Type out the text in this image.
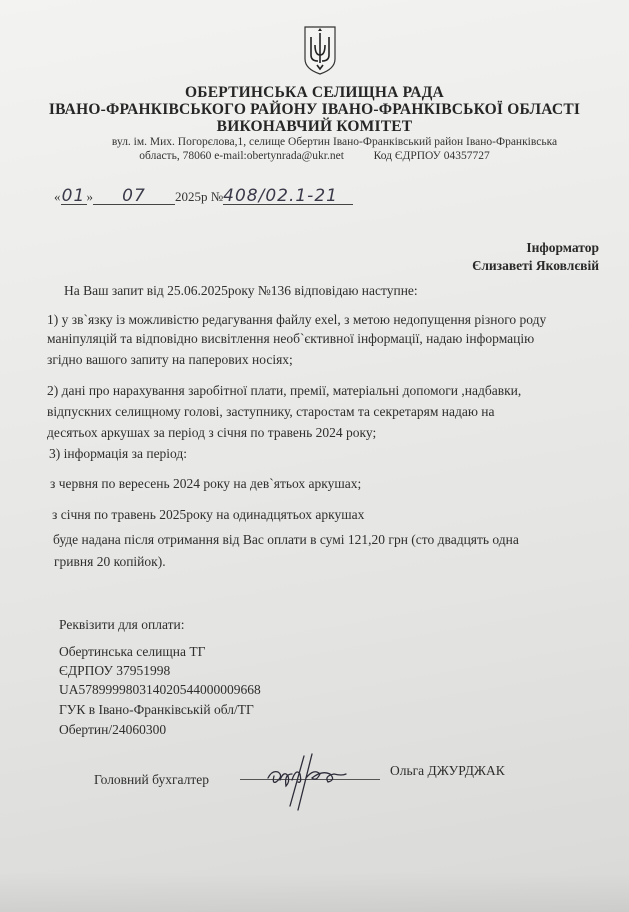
ОБЕРТИНСЬКА СЕЛИЩНА РАДА
ІВАНО-ФРАНКІВСЬКОГО РАЙОНУ ІВАНО-ФРАНКІВСЬКОЇ ОБЛАСТІ
ВИКОНАВЧИЙ КОМІТЕТ
вул. ім. Мих. Погорєлова,1, селище Обертин Івано-Франківський район Івано-Франківська
область, 78060 e-mail:obertynrada@ukr.net	Код ЄДРПОУ 04357727
«01» 07 2025р №408/02.1-21
Інформатор
Єлизаветі Яковлєвій
На Ваш запит від 25.06.2025року №136 відповідаю наступне:
1) у зв`язку із можливістю редагування файлу exel, з метою недопущення різного роду
маніпуляцій та відповідно висвітлення необ`єктивної інформації, надаю інформацію
згідно вашого запиту на паперових носіях;
2) дані про нарахування заробітної плати, премії, матеріальні допомоги ,надбавки,
відпускних селищному голові, заступнику, старостам та секретарям надаю на
десятьох аркушах за період з січня по травень 2024 року;
3) інформація за період:
з червня по вересень 2024 року на дев`ятьох аркушах;
з січня по травень 2025року на одинадцятьох аркушах
буде надана після отримання від Вас оплати в сумі 121,20 грн (сто двадцять одна
гривня 20 копійок).
Реквізити для оплати:
Обертинська селищна ТГ
ЄДРПОУ 37951998
UA578999980314020544000009668
ГУК в Івано-Франківській обл/ТГ
Обертин/24060300
Головний бухгалтер
Ольга ДЖУРДЖАК
